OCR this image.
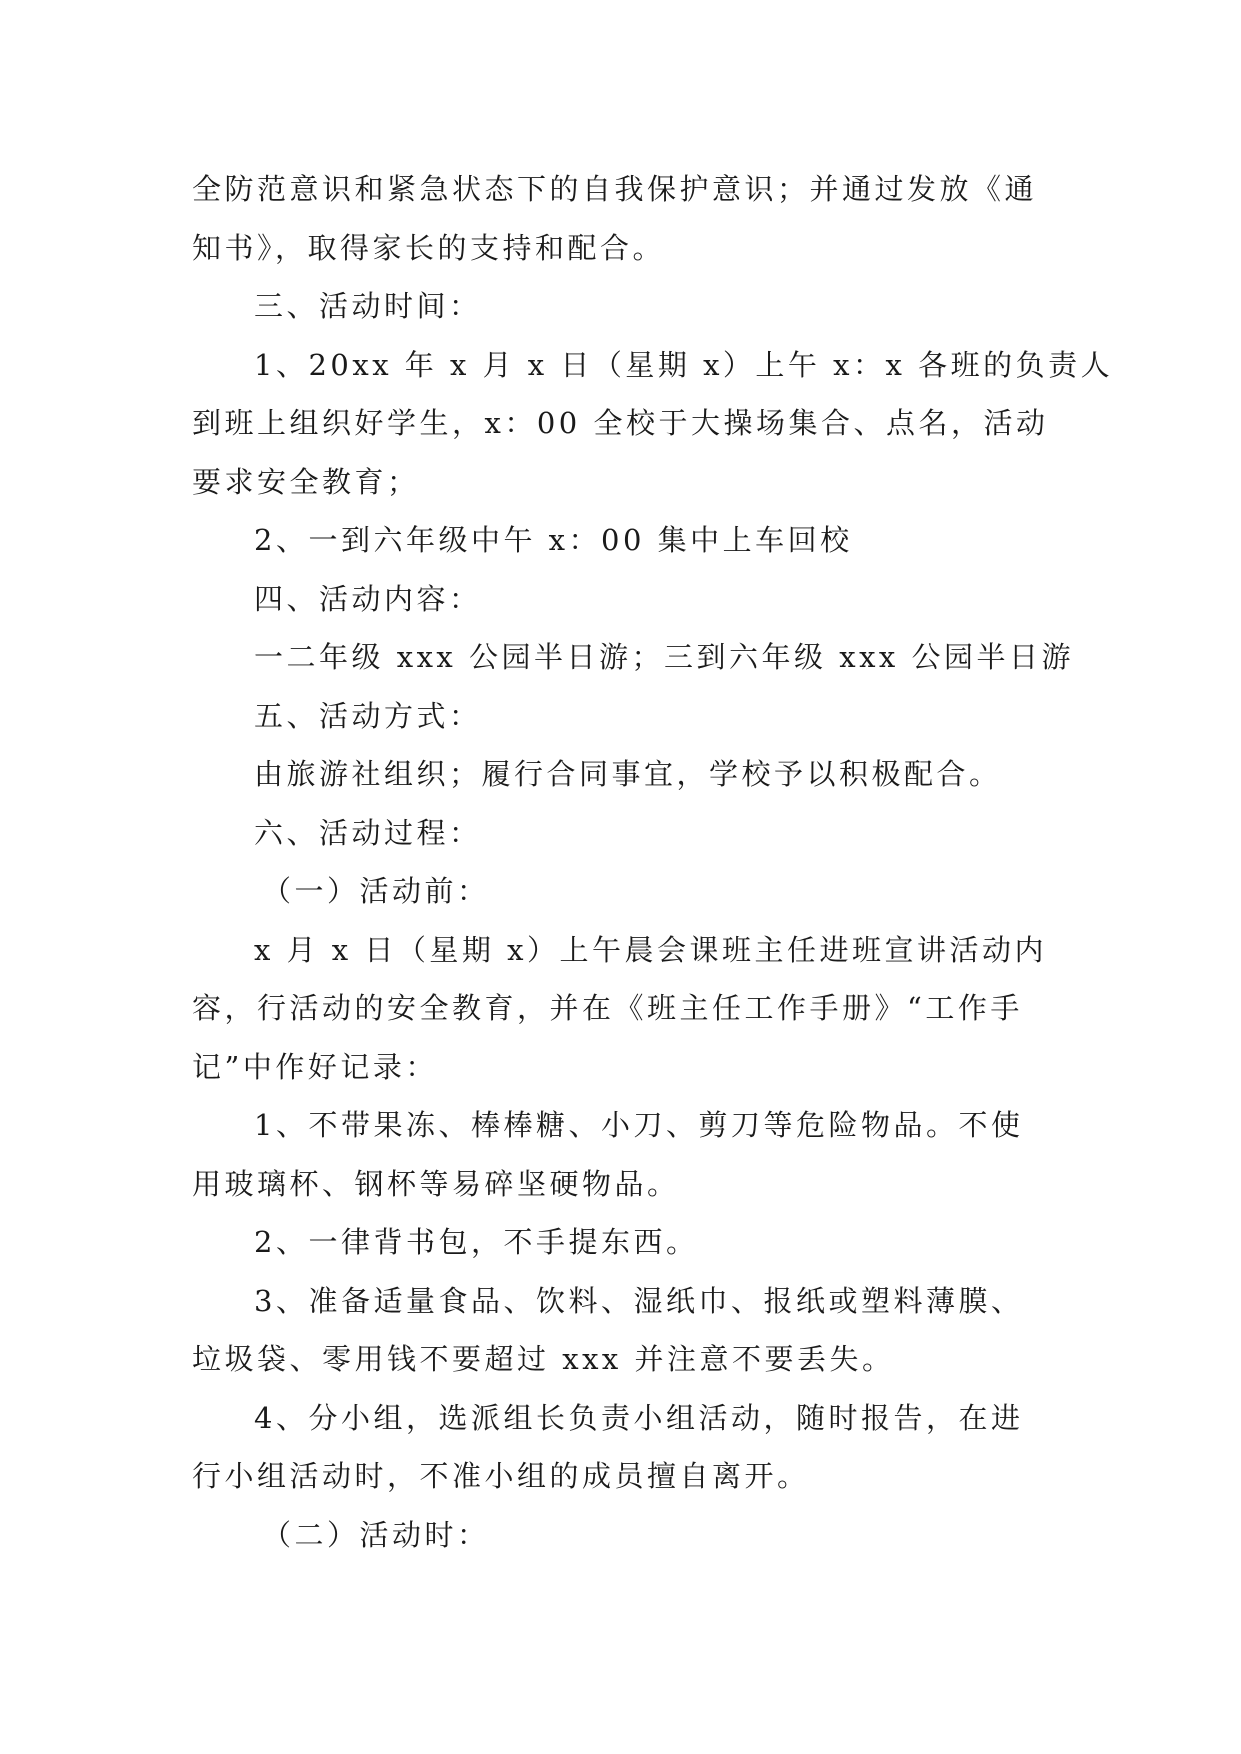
全防范意识和紧急状态下的自我保护意识；并通过发放《通
知书》，取得家长的支持和配合。
三、活动时间：
1、20xx 年 x 月 x 日（星期 x）上午 x：x 各班的负责人
到班上组织好学生，x：00 全校于大操场集合、点名，活动
要求安全教育；
2、一到六年级中午 x：00 集中上车回校
四、活动内容：
一二年级 xxx 公园半日游；三到六年级 xxx 公园半日游
五、活动方式：
由旅游社组织；履行合同事宜，学校予以积极配合。
六、活动过程：
（一）活动前：
x 月 x 日（星期 x）上午晨会课班主任进班宣讲活动内
容，行活动的安全教育，并在《班主任工作手册》“工作手
记”中作好记录：
1、不带果冻、棒棒糖、小刀、剪刀等危险物品。不使
用玻璃杯、钢杯等易碎坚硬物品。
2、一律背书包，不手提东西。
3、准备适量食品、饮料、湿纸巾、报纸或塑料薄膜、
垃圾袋、零用钱不要超过 xxx 并注意不要丢失。
4、分小组，选派组长负责小组活动，随时报告，在进
行小组活动时，不准小组的成员擅自离开。
（二）活动时：
